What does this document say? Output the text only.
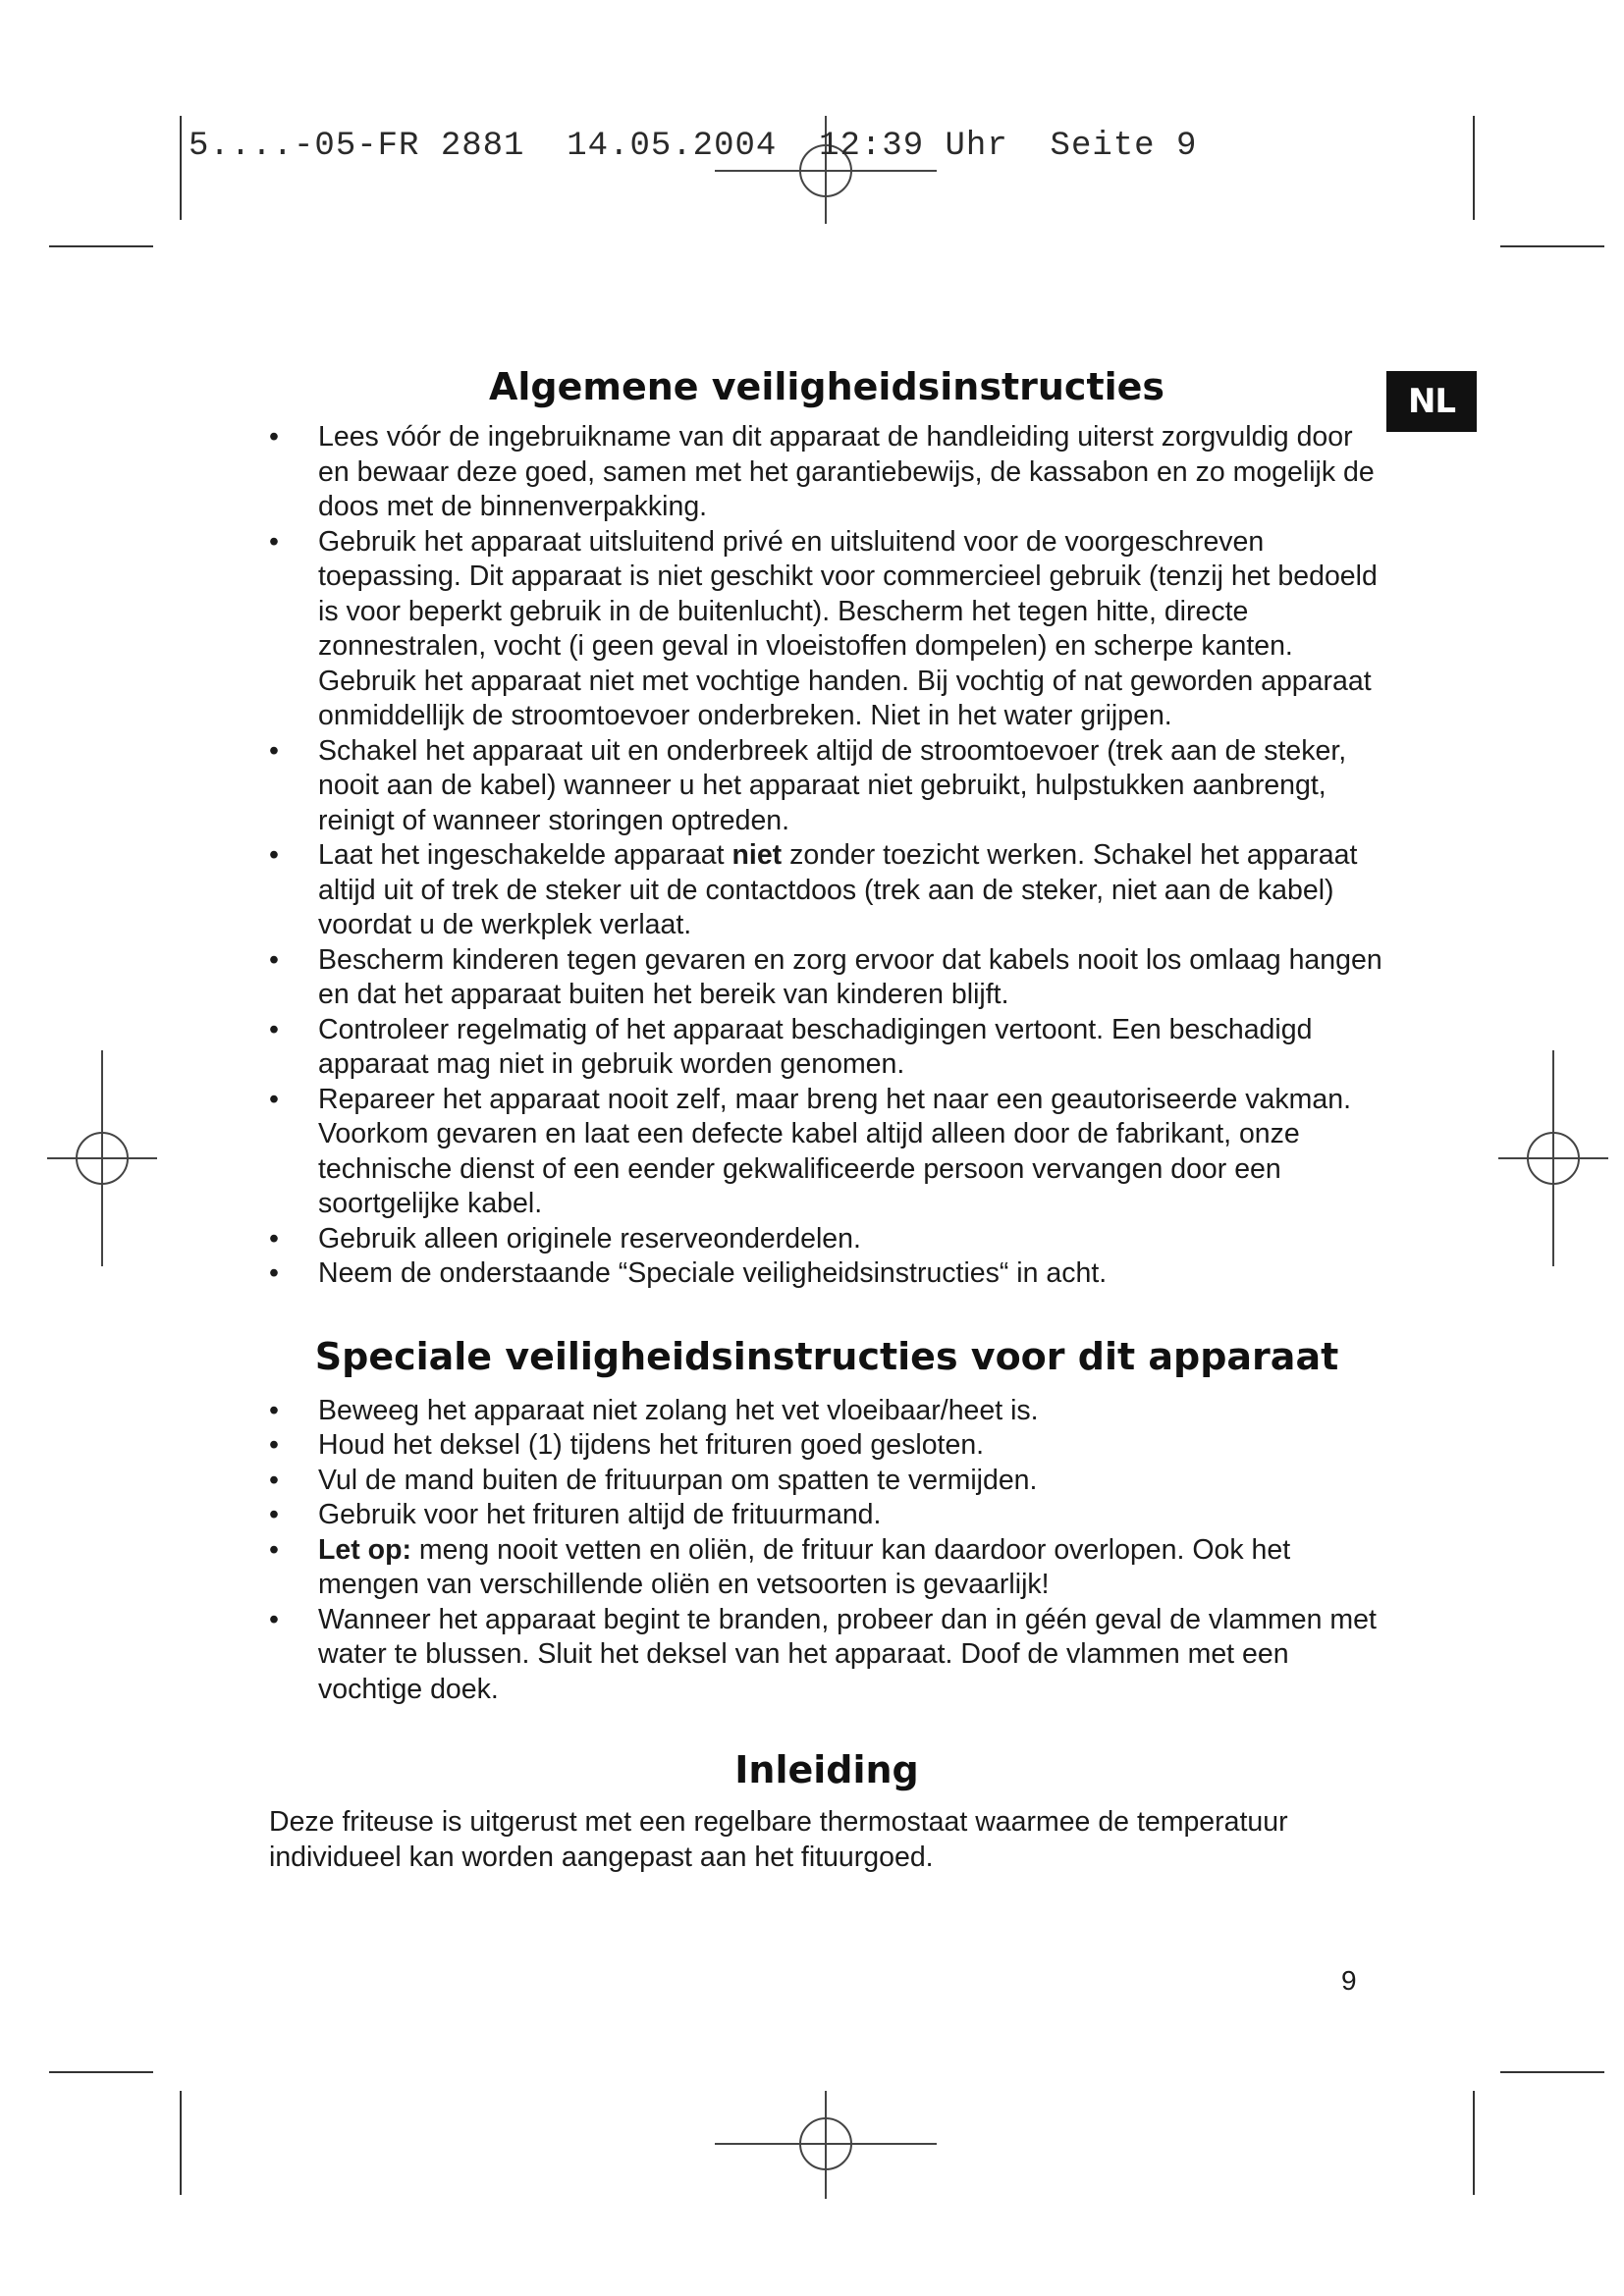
5....-05-FR 2881  14.05.2004  12:39 Uhr  Seite 9
NL
Algemene veiligheidsinstructies
•	Lees vóór de ingebruikname van dit apparaat de handleiding uiterst zorgvuldig door en bewaar deze goed, samen met het garantiebewijs, de kassabon en zo mogelijk de doos met de binnenverpakking.
•	Gebruik het apparaat uitsluitend privé en uitsluitend voor de voorgeschreven toepassing. Dit apparaat is niet geschikt voor commercieel gebruik (tenzij het bedoeld is voor beperkt gebruik in de buitenlucht). Bescherm het tegen hitte, directe zonnestralen, vocht (i geen geval in vloeistoffen dompelen) en scherpe kanten. Gebruik het apparaat niet met vochtige handen. Bij vochtig of nat geworden apparaat onmiddellijk de stroomtoevoer onderbreken. Niet in het water grijpen.
•	Schakel het apparaat uit en onderbreek altijd de stroomtoevoer (trek aan de steker, nooit aan de kabel) wanneer u het apparaat niet gebruikt, hulpstukken aanbrengt, reinigt of wanneer storingen optreden.
•	Laat het ingeschakelde apparaat niet zonder toezicht werken. Schakel het apparaat altijd uit of trek de steker uit de contactdoos (trek aan de steker, niet aan de kabel) voordat u de werkplek verlaat.
•	Bescherm kinderen tegen gevaren en zorg ervoor dat kabels nooit los omlaag hangen en dat het apparaat buiten het bereik van kinderen blijft.
•	Controleer regelmatig of het apparaat beschadigingen vertoont. Een beschadigd apparaat mag niet in gebruik worden genomen.
•	Repareer het apparaat nooit zelf, maar breng het naar een geautoriseerde vakman. Voorkom gevaren en laat een defecte kabel altijd alleen door de fabrikant, onze technische dienst of een eender gekwalificeerde persoon vervangen door een soortgelijke kabel.
•	Gebruik alleen originele reserveonderdelen.
•	Neem de onderstaande “Speciale veiligheidsinstructies“ in acht.
Speciale veiligheidsinstructies voor dit apparaat
•	Beweeg het apparaat niet zolang het vet vloeibaar/heet is.
•	Houd het deksel (1) tijdens het frituren goed gesloten.
•	Vul de mand buiten de frituurpan om spatten te vermijden.
•	Gebruik voor het frituren altijd de frituurmand.
•	Let op: meng nooit vetten en oliën, de frituur kan daardoor overlopen. Ook het mengen van verschillende oliën en vetsoorten is gevaarlijk!
•	Wanneer het apparaat begint te branden, probeer dan in géén geval de vlammen met water te blussen. Sluit het deksel van het apparaat. Doof de vlammen met een vochtige doek.
Inleiding

Deze friteuse is uitgerust met een regelbare thermostaat waarmee de temperatuur individueel kan worden aangepast aan het fituurgoed.

9
